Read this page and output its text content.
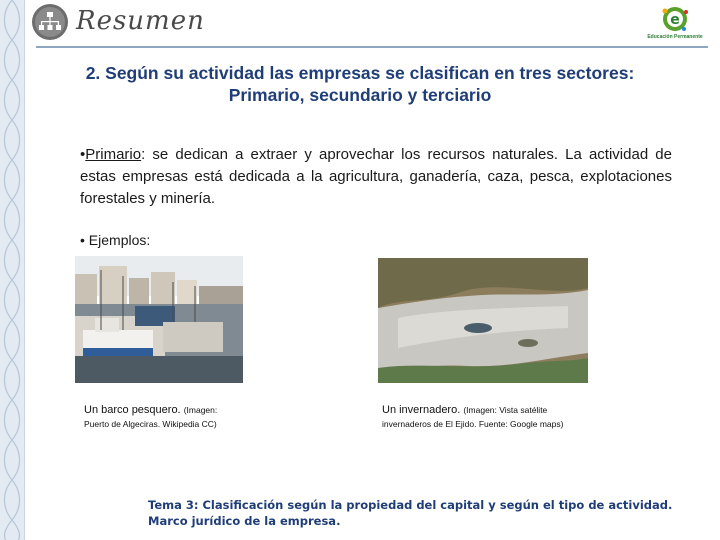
Resumen	e
Educación Permanente
2. Según su actividad las empresas se clasifican en tres sectores:
Primario, secundario y terciario
•Primario: se dedican a extraer y aprovechar los recursos naturales. La actividad de estas empresas está dedicada a la agricultura, ganadería, caza, pesca, explotaciones forestales y minería.
• Ejemplos:
Un barco pesquero. (Imagen:
Puerto de Algeciras. Wikipedia CC)
Un invernadero. (Imagen: Vista satélite
invernaderos de El Ejido. Fuente: Google maps)
Tema 3: Clasificación según la propiedad del capital y según el tipo de actividad.
Marco jurídico de la empresa.
